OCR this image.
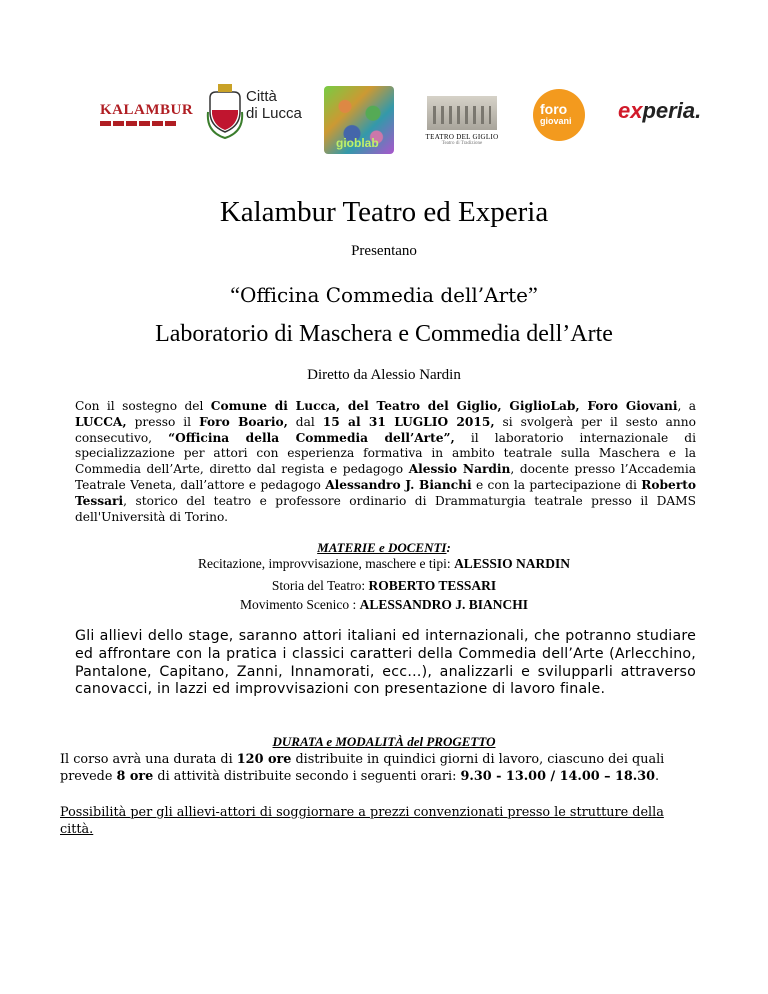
KALAMBUR
Città
di Lucca
gioblab	TEATRO DEL GIGLIO
Teatro di Tradizione
foro
giovani experia.
Kalambur Teatro ed Experia
Presentano
“Officina Commedia dell’Arte”
Laboratorio di Maschera e Commedia dell’Arte
Diretto da Alessio Nardin
Con il sostegno del Comune di Lucca, del Teatro del Giglio, GiglioLab, Foro Giovani, a LUCCA, presso il Foro Boario, dal 15 al 31 LUGLIO 2015, si svolgerà per il sesto anno consecutivo, “Officina della Commedia dell’Arte”, il laboratorio internazionale di specializzazione per attori con esperienza formativa in ambito teatrale sulla Maschera e la Commedia dell’Arte, diretto dal regista e pedagogo Alessio Nardin, docente presso l’Accademia Teatrale Veneta, dall’attore e pedagogo Alessandro J. Bianchi e con la partecipazione di Roberto Tessari, storico del teatro e professore ordinario di Drammaturgia teatrale presso il DAMS dell'Università di Torino.
MATERIE e DOCENTI:
Recitazione, improvvisazione, maschere e tipi: ALESSIO NARDIN
Storia del Teatro: ROBERTO TESSARI
Movimento Scenico : ALESSANDRO J. BIANCHI
Gli allievi dello stage, saranno attori italiani ed internazionali, che potranno studiare ed affrontare con la pratica i classici caratteri della Commedia dell’Arte (Arlecchino, Pantalone, Capitano, Zanni, Innamorati, ecc…), analizzarli e svilupparli attraverso canovacci, in lazzi ed improvvisazioni con presentazione di lavoro finale.
DURATA e MODALITÀ del PROGETTO
Il corso avrà una durata di 120 ore distribuite in quindici giorni di lavoro, ciascuno dei quali prevede 8 ore di attività distribuite secondo i seguenti orari: 9.30 - 13.00 / 14.00 – 18.30.
Possibilità per gli allievi-attori di soggiornare a prezzi convenzionati presso le strutture della città.
